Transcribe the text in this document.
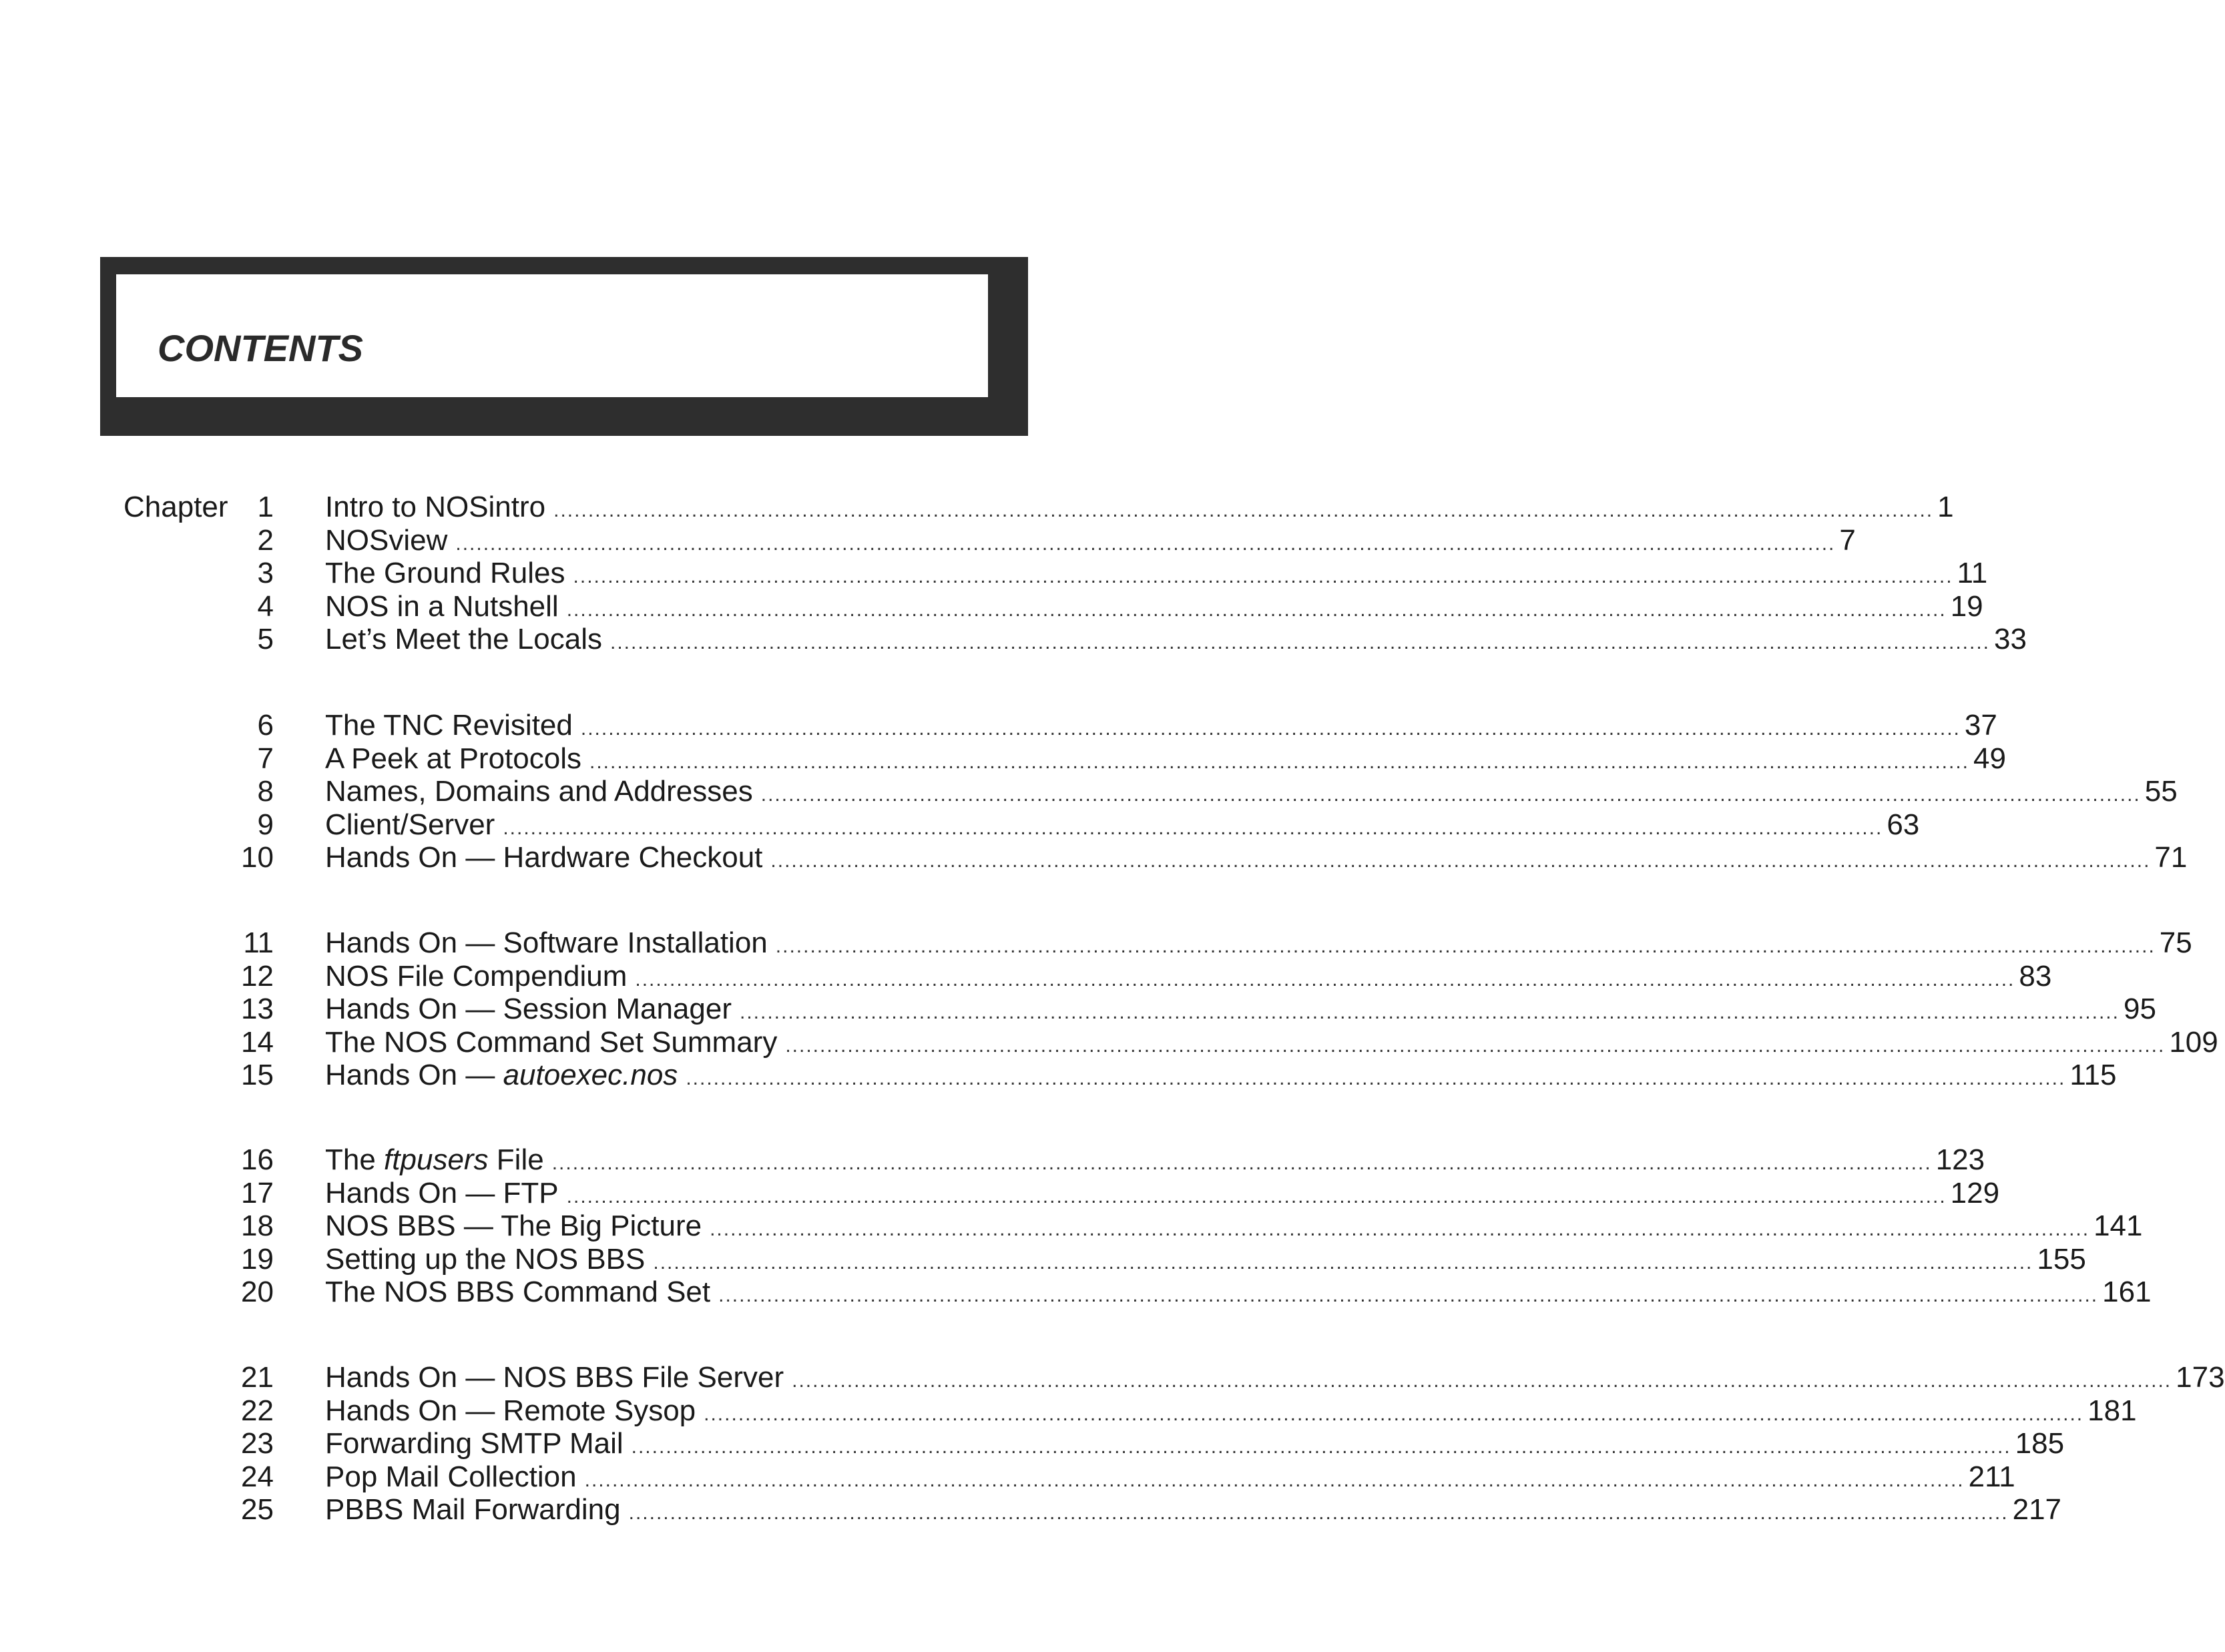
CONTENTS
Chapter 1 Intro to NOSintro ........................................................................................................................................................................................................ 1
2 NOSview ........................................................................................................................................................................................................ 7
3 The Ground Rules ........................................................................................................................................................................................................ 11
4 NOS in a Nutshell ........................................................................................................................................................................................................ 19
5 Let’s Meet the Locals ........................................................................................................................................................................................................ 33
6 The TNC Revisited ........................................................................................................................................................................................................ 37
7 A Peek at Protocols ........................................................................................................................................................................................................ 49
8 Names, Domains and Addresses ........................................................................................................................................................................................................ 55
9 Client/Server ........................................................................................................................................................................................................ 63
10 Hands On — Hardware Checkout ........................................................................................................................................................................................................ 71
11 Hands On — Software Installation ........................................................................................................................................................................................................ 75
12 NOS File Compendium ........................................................................................................................................................................................................ 83
13 Hands On — Session Manager ........................................................................................................................................................................................................ 95
14 The NOS Command Set Summary ........................................................................................................................................................................................................ 109
15 Hands On — autoexec.nos ........................................................................................................................................................................................................ 115
16 The ftpusers File ........................................................................................................................................................................................................ 123
17 Hands On — FTP ........................................................................................................................................................................................................ 129
18 NOS BBS — The Big Picture ........................................................................................................................................................................................................ 141
19 Setting up the NOS BBS ........................................................................................................................................................................................................ 155
20 The NOS BBS Command Set ........................................................................................................................................................................................................ 161
21 Hands On — NOS BBS File Server ........................................................................................................................................................................................................ 173
22 Hands On — Remote Sysop ........................................................................................................................................................................................................ 181
23 Forwarding SMTP Mail ........................................................................................................................................................................................................ 185
24 Pop Mail Collection ........................................................................................................................................................................................................ 211
25 PBBS Mail Forwarding ........................................................................................................................................................................................................ 217
